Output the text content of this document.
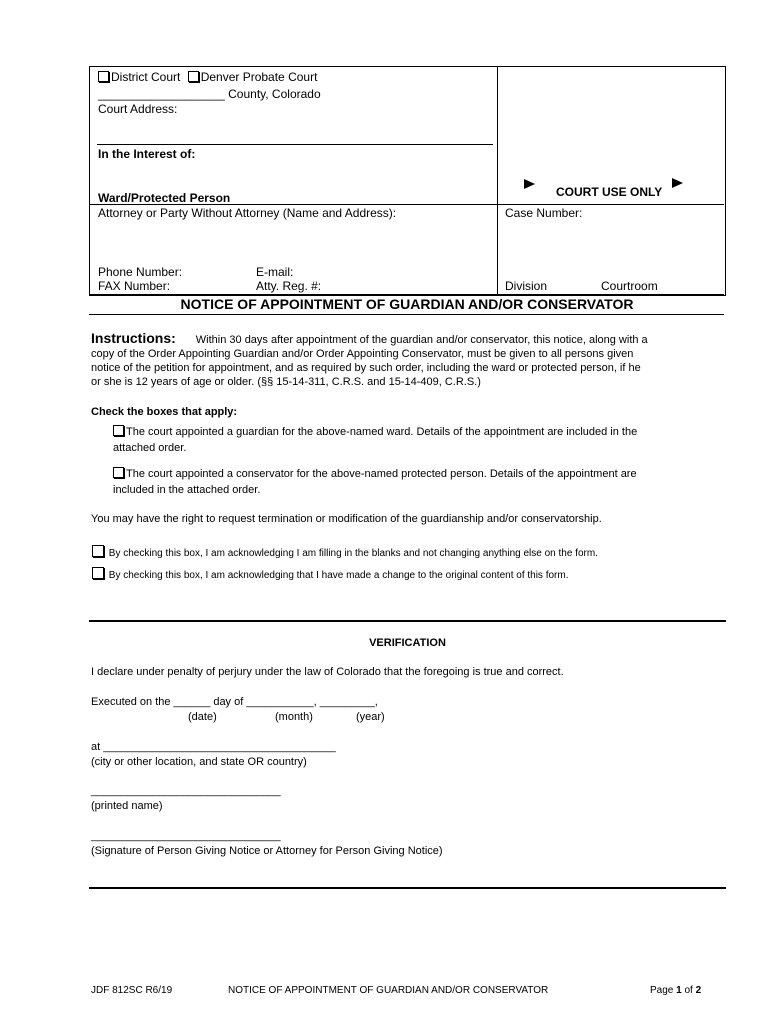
District Court Denver Probate Court
___________________ County, Colorado
Court Address:
In the Interest of:
Ward/Protected Person
Attorney or Party Without Attorney (Name and Address):
Phone Number:	E-mail:
FAX Number:	Atty. Reg. #:
COURT USE ONLY
Case Number:
Division	Courtroom
NOTICE OF APPOINTMENT OF GUARDIAN AND/OR CONSERVATOR
Instructions: Within 30 days after appointment of the guardian and/or conservator, this notice, along with a
copy of the Order Appointing Guardian and/or Order Appointing Conservator, must be given to all persons given
notice of the petition for appointment, and as required by such order, including the ward or protected person, if he
or she is 12 years of age or older. (§§ 15-14-311, C.R.S. and 15-14-409, C.R.S.)
Check the boxes that apply:
The court appointed a guardian for the above-named ward. Details of the appointment are included in the
attached order.
The court appointed a conservator for the above-named protected person. Details of the appointment are
included in the attached order.
You may have the right to request termination or modification of the guardianship and/or conservatorship.
By checking this box, I am acknowledging I am filling in the blanks and not changing anything else on the form.
By checking this box, I am acknowledging that I have made a change to the original content of this form.
VERIFICATION
I declare under penalty of perjury under the law of Colorado that the foregoing is true and correct.
Executed on the ______ day of ___________, _________,
(date)	(month)	(year)
at ______________________________________
(city or other location, and state OR country)
_______________________________
(printed name)
_______________________________
(Signature of Person Giving Notice or Attorney for Person Giving Notice)
JDF 812SC R6/19	NOTICE OF APPOINTMENT OF GUARDIAN AND/OR CONSERVATOR	Page 1 of 2
